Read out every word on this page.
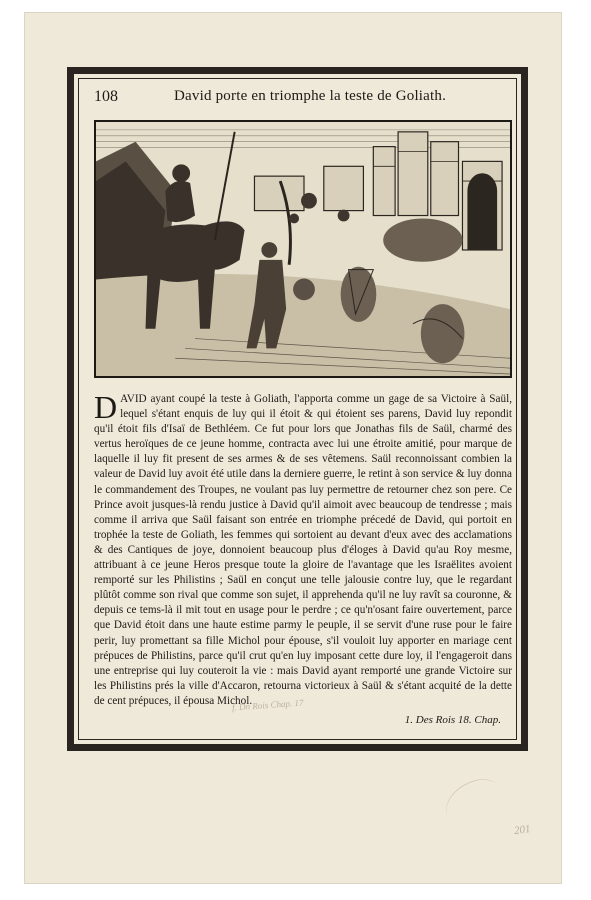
201
108	David porte en triomphe la teste de Goliath.
DAVID ayant coupé la teste à Goliath, l'apporta comme un gage de sa Victoire à Saül, lequel s'étant enquis de luy qui il étoit & qui étoient ses parens, David luy repondit qu'il étoit fils d'Isaï de Bethléem. Ce fut pour lors que Jonathas fils de Saül, charmé des vertus heroïques de ce jeune homme, contracta avec lui une étroite amitié, pour marque de laquelle il luy fit present de ses armes & de ses vêtemens. Saül reconnoissant combien la valeur de David luy avoit été utile dans la derniere guerre, le retint à son service & luy donna le commandement des Troupes, ne voulant pas luy permettre de retourner chez son pere. Ce Prince avoit jusques-là rendu justice à David qu'il aimoit avec beaucoup de tendresse ; mais comme il arriva que Saül faisant son entrée en triomphe précedé de David, qui portoit en trophée la teste de Goliath, les femmes qui sortoient au devant d'eux avec des acclamations & des Cantiques de joye, donnoient beaucoup plus d'éloges à David qu'au Roy mesme, attribuant à ce jeune Heros presque toute la gloire de l'avantage que les Israëlites avoient remporté sur les Philistins ; Saül en conçut une telle jalousie contre luy, que le regardant plûtôt comme son rival que comme son sujet, il apprehenda qu'il ne luy ravît sa couronne, & depuis ce tems-là il mit tout en usage pour le perdre ; ce qu'n'osant faire ouvertement, parce que David étoit dans une haute estime parmy le peuple, il se servit d'une ruse pour le faire perir, luy promettant sa fille Michol pour épouse, s'il vouloit luy apporter en mariage cent prépuces de Philistins, parce qu'il crut qu'en luy imposant cette dure loy, il l'engageroit dans une entreprise qui luy couteroit la vie : mais David ayant remporté une grande Victoire sur les Philistins prés la ville d'Accaron, retourna victorieux à Saül & s'étant acquité de la dette de cent prépuces, il épousa Michol.
1. Des Rois 18. Chap.
f. Dn Rois Chap. 17
